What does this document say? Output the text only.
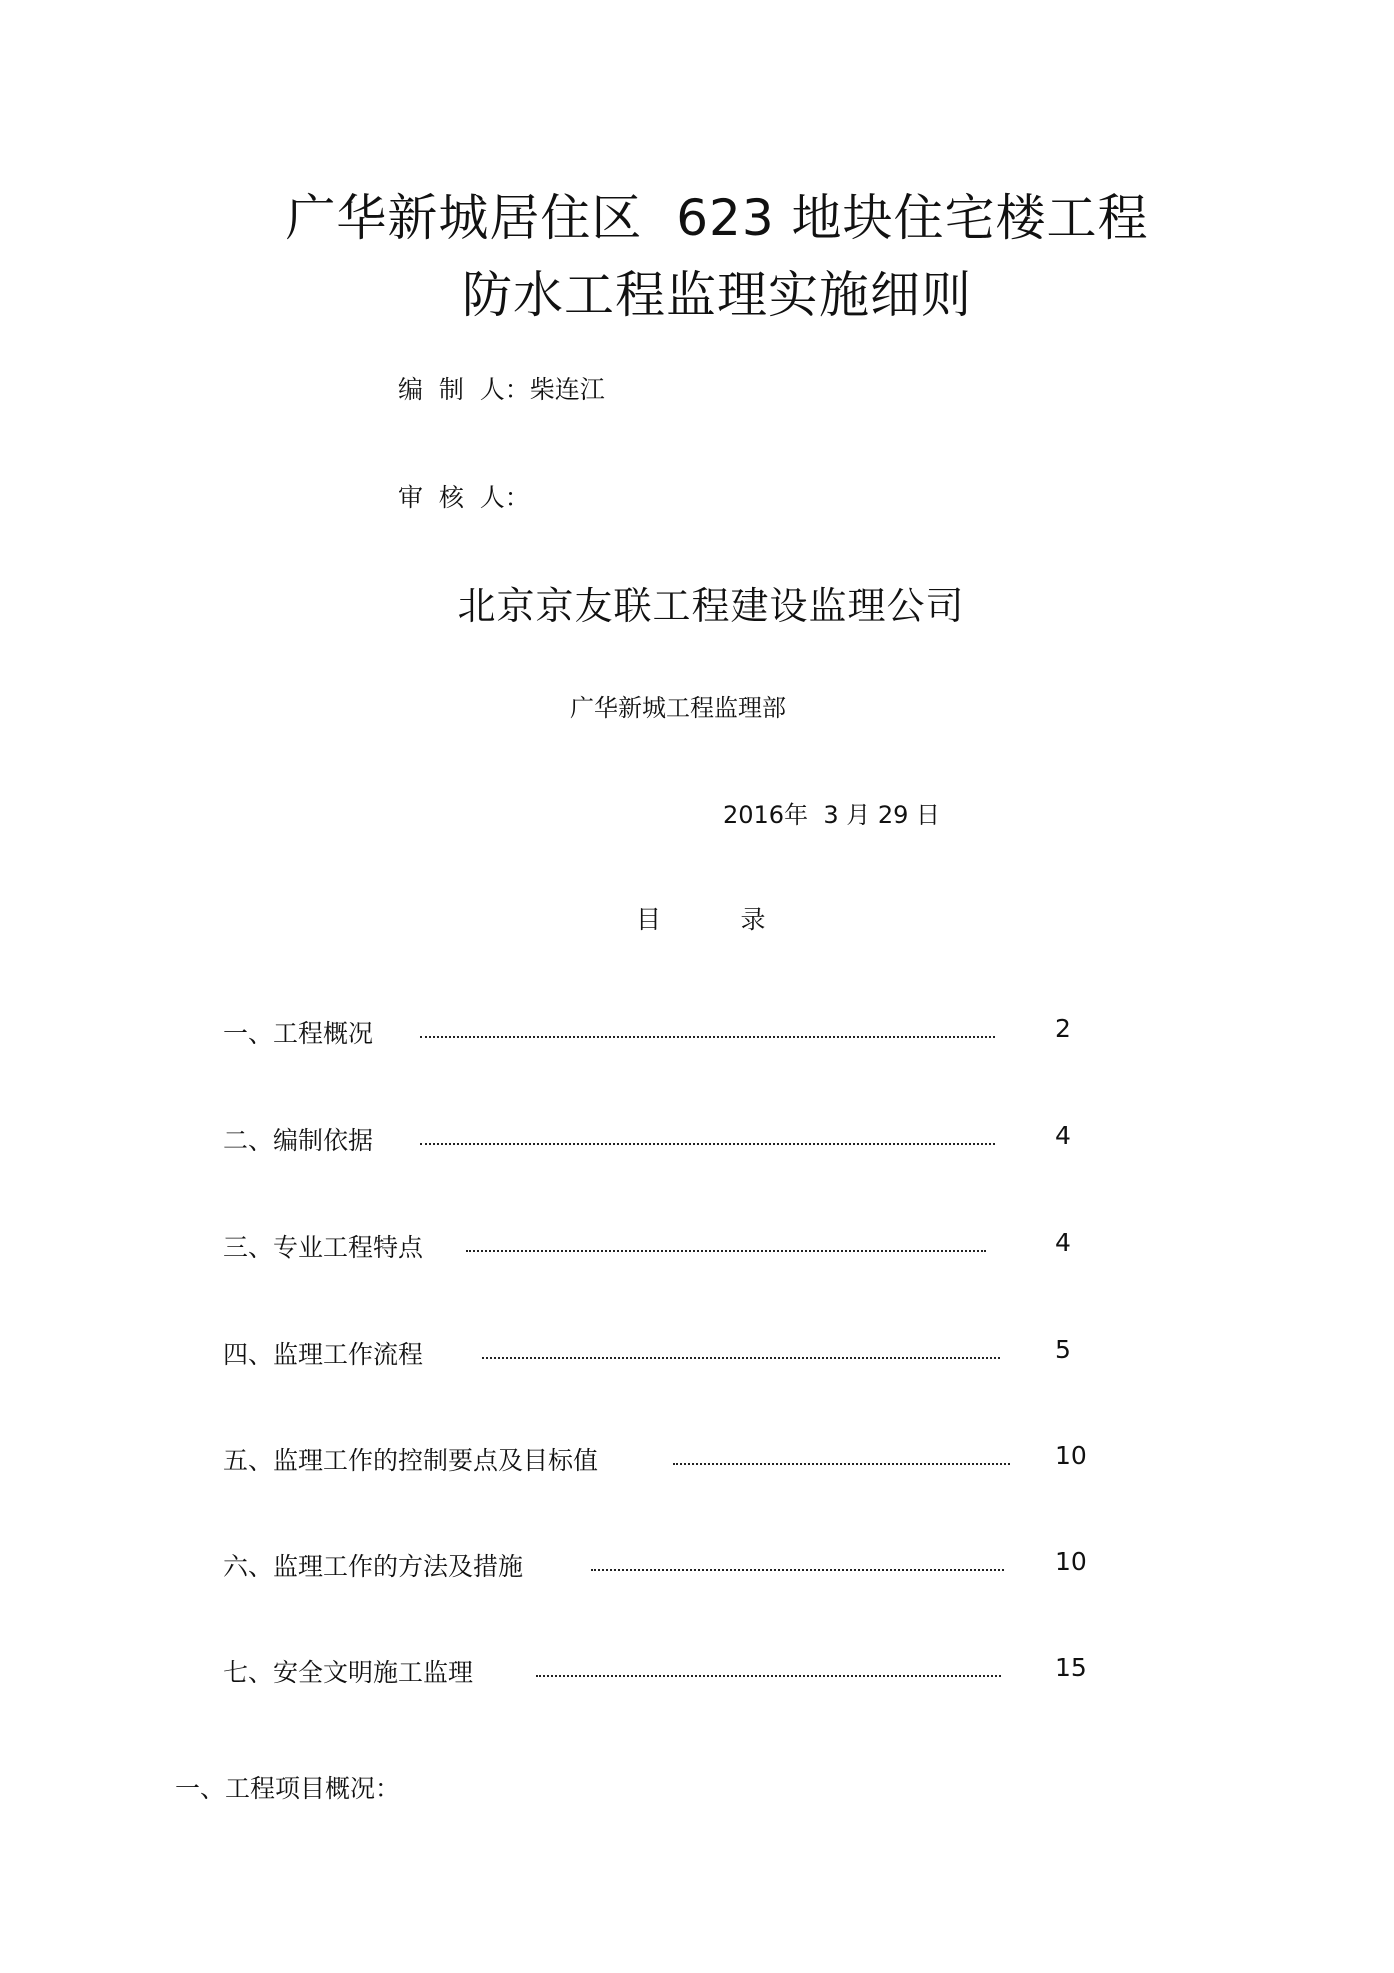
广华新城居住区  623 地块住宅楼工程
防水工程监理实施细则
编  制  人：柴连江
审  核  人：
北京京友联工程建设监理公司
广华新城工程监理部
2016年  3 月 29 日
目          录
一、工程概况	2
二、编制依据	4
三、专业工程特点	4
四、监理工作流程	5
五、监理工作的控制要点及目标值	10
六、监理工作的方法及措施	10
七、安全文明施工监理	15
一、工程项目概况：
